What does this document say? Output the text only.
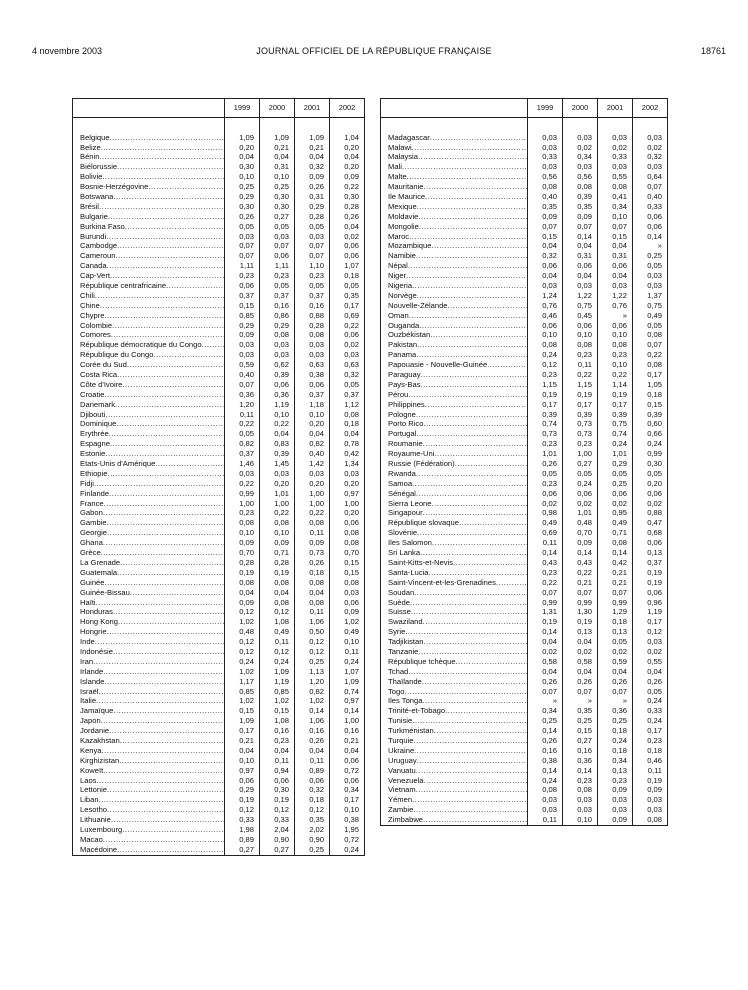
4 novembre 2003	JOURNAL OFFICIEL DE LA RÉPUBLIQUE FRANÇAISE	18761
	1999	2000	2001	2002

Belgique .....	1,09	1,09	1,09	1,04

Belize .....	0,20	0,21	0,21	0,20

Bénin .....	0,04	0,04	0,04	0,04

Biélorussie .....	0,30	0,31	0,32	0,20

Bolivie .....	0,10	0,10	0,09	0,09

Bosnie-Herzégovine .....	0,25	0,25	0,26	0,22

Botswana .....	0,29	0,30	0,31	0,30

Brésil .....	0,30	0,30	0,29	0,28

Bulgarie .....	0,26	0,27	0,28	0,26

Burkina Faso .....	0,05	0,05	0,05	0,04

Burundi .....	0,03	0,03	0,03	0,02

Cambodge .....	0,07	0,07	0,07	0,06

Cameroun .....	0,07	0,06	0,07	0,06

Canada .....	1,11	1,11	1,10	1,07

Cap-Vert .....	0,23	0,23	0,23	0,18

République centrafricaine .....	0,06	0,05	0,05	0,05

Chili .....	0,37	0,37	0,37	0,35

Chine .....	0,15	0,16	0,16	0,17

Chypre .....	0,85	0,86	0,88	0,69

Colombie .....	0,29	0,29	0,28	0,22

Comores .....	0,09	0,08	0,08	0,06

République démocratique du Congo .....	0,03	0,03	0,03	0,02

République du Congo .....	0,03	0,03	0,03	0,03

Corée du Sud .....	0,59	0,62	0,63	0,63

Costa Rica .....	0,40	0,39	0,38	0,32

Côte d'Ivoire .....	0,07	0,06	0,06	0,05

Croatie .....	0,36	0,36	0,37	0,37

Danemark .....	1,20	1,19	1,18	1,12

Djibouti .....	0,11	0,10	0,10	0,08

Dominique .....	0,22	0,22	0,20	0,18

Erythrée .....	0,05	0,04	0,04	0,04

Espagne .....	0,82	0,83	0,82	0,78

Estonie .....	0,37	0,39	0,40	0,42

Etats-Unis d'Amérique .....	1,46	1,45	1,42	1,34

Ethiopie .....	0,03	0,03	0,03	0,03

Fidji .....	0,22	0,20	0,20	0,20

Finlande .....	0,99	1,01	1,00	0,97

France .....	1,00	1,00	1,00	1,00

Gabon .....	0,23	0,22	0,22	0,20

Gambie .....	0,08	0,08	0,08	0,06

Georgie .....	0,10	0,10	0,11	0,08

Ghana .....	0,09	0,09	0,09	0,08

Grèce .....	0,70	0,71	0,73	0,70

La Grenade .....	0,28	0,28	0,26	0,15

Guatemala .....	0,19	0,19	0,18	0,15

Guinée .....	0,08	0,08	0,08	0,08

Guinée-Bissau .....	0,04	0,04	0,04	0,03

Haïti .....	0,09	0,08	0,08	0,06

Honduras .....	0,12	0,12	0,11	0,09

Hong Kong .....	1,02	1,08	1,06	1,02

Hongrie .....	0,48	0,49	0,50	0,49

Inde .....	0,12	0,11	0,12	0,10

Indonésie .....	0,12	0,12	0,12	0,11

Iran .....	0,24	0,24	0,25	0,24

Irlande .....	1,02	1,09	1,13	1,07

Islande .....	1,17	1,19	1,20	1,09

Israël .....	0,85	0,85	0,82	0,74

Italie .....	1,02	1,02	1,02	0,97

Jamaïque .....	0,15	0,15	0,14	0,14

Japon .....	1,09	1,08	1,06	1,00

Jordanie .....	0,17	0,16	0,16	0,16

Kazakhstan .....	0,21	0,23	0,26	0,21

Kenya .....	0,04	0,04	0,04	0,04

Kirghizistan .....	0,10	0,11	0,11	0,06

Koweït .....	0,97	0,94	0,89	0,72

Laos .....	0,06	0,06	0,06	0,06

Lettonie .....	0,29	0,30	0,32	0,34

Liban .....	0,19	0,19	0,18	0,17

Lesotho .....	0,12	0,12	0,12	0,10

Lithuanie .....	0,33	0,33	0,35	0,38

Luxembourg .....	1,98	2,04	2,02	1,95

Macao .....	0,89	0,90	0,90	0,72

Macédoine .....	0,27	0,27	0,25	0,24
	1999	2000	2001	2002

Madagascar .....	0,03	0,03	0,03	0,03

Malawi .....	0,03	0,02	0,02	0,02

Malaysia .....	0,33	0,34	0,33	0,32

Mali .....	0,03	0,03	0,03	0,03

Malte .....	0,56	0,56	0,55	0,64

Mauritanie .....	0,08	0,08	0,08	0,07

Ile Maurice .....	0,40	0,39	0,41	0,40

Mexique .....	0,35	0,35	0,34	0,33

Moldavie .....	0,09	0,09	0,10	0,06

Mongolie .....	0,07	0,07	0,07	0,06

Maroc .....	0,15	0,14	0,15	0,14

Mozambique .....	0,04	0,04	0,04	»

Namibie .....	0,32	0,31	0,31	0,25

Népal .....	0,06	0,06	0,06	0,05

Niger .....	0,04	0,04	0,04	0,03

Nigeria .....	0,03	0,03	0,03	0,03

Norvège .....	1,24	1,22	1,22	1,37

Nouvelle-Zélande .....	0,76	0,75	0,76	0,75

Oman .....	0,46	0,45	»	0,49

Ouganda .....	0,06	0,06	0,06	0,05

Ouzbékistan .....	0,10	0,10	0,10	0,08

Pakistan .....	0,08	0,08	0,08	0,07

Panama .....	0,24	0,23	0,23	0,22

Papouasie - Nouvelle-Guinée .....	0,12	0,11	0,10	0,08

Paraguay .....	0,23	0,22	0,22	0,17

Pays-Bas .....	1,15	1,15	1,14	1,05

Pérou .....	0,19	0,19	0,19	0,18

Philippines .....	0,17	0,17	0,17	0,15

Pologne .....	0,39	0,39	0,39	0,39

Porto Rico .....	0,74	0,73	0,75	0,60

Portugal .....	0,73	0,73	0,74	0,66

Roumanie .....	0,23	0,23	0,24	0,24

Royaume-Uni .....	1,01	1,00	1,01	0,99

Russie (Fédération) .....	0,26	0,27	0,29	0,30

Rwanda .....	0,05	0,05	0,05	0,05

Samoa .....	0,23	0,24	0,25	0,20

Sénégal .....	0,06	0,06	0,06	0,06

Sierra Leone .....	0,02	0,02	0,02	0,02

Singapour .....	0,98	1,01	0,95	0,88

République slovaque .....	0,49	0,48	0,49	0,47

Slovénie .....	0,69	0,70	0,71	0,68

Iles Salomon .....	0,11	0,09	0,08	0,06

Sri Lanka .....	0,14	0,14	0,14	0,13

Saint-Kitts-et-Nevis .....	0,43	0,43	0,42	0,37

Santa-Lucia .....	0,23	0,22	0,21	0,19

Saint-Vincent-et-les-Grenadines .....	0,22	0,21	0,21	0,19

Soudan .....	0,07	0,07	0,07	0,06

Suède .....	0,99	0,99	0,99	0,96

Suisse .....	1,31	1,30	1,29	1,19

Swaziland .....	0,19	0,19	0,18	0,17

Syrie .....	0,14	0,13	0,13	0,12

Tadjikistan .....	0,04	0,04	0,05	0,03

Tanzanie .....	0,02	0,02	0,02	0,02

République tchèque .....	0,58	0,58	0,59	0,55

Tchad .....	0,04	0,04	0,04	0,04

Thaïlande .....	0,26	0,26	0,26	0,26

Togo .....	0,07	0,07	0,07	0,05

Iles Tonga .....	»	»	»	0,24

Trinité-et-Tobago .....	0,34	0,35	0,36	0,33

Tunisie .....	0,25	0,25	0,25	0,24

Turkménistan .....	0,14	0,15	0,18	0,17

Turquie .....	0,26	0,27	0,24	0,23

Ukraine .....	0,16	0,16	0,18	0,18

Uruguay .....	0,38	0,36	0,34	0,46

Vanuatu .....	0,14	0,14	0,13	0,11

Venezuela .....	0,24	0,23	0,23	0,19

Vietnam .....	0,08	0,08	0,09	0,09

Yémen .....	0,03	0,03	0,03	0,03

Zambie .....	0,03	0,03	0,03	0,03

Zimbabwe .....	0,11	0,10	0,09	0,08
